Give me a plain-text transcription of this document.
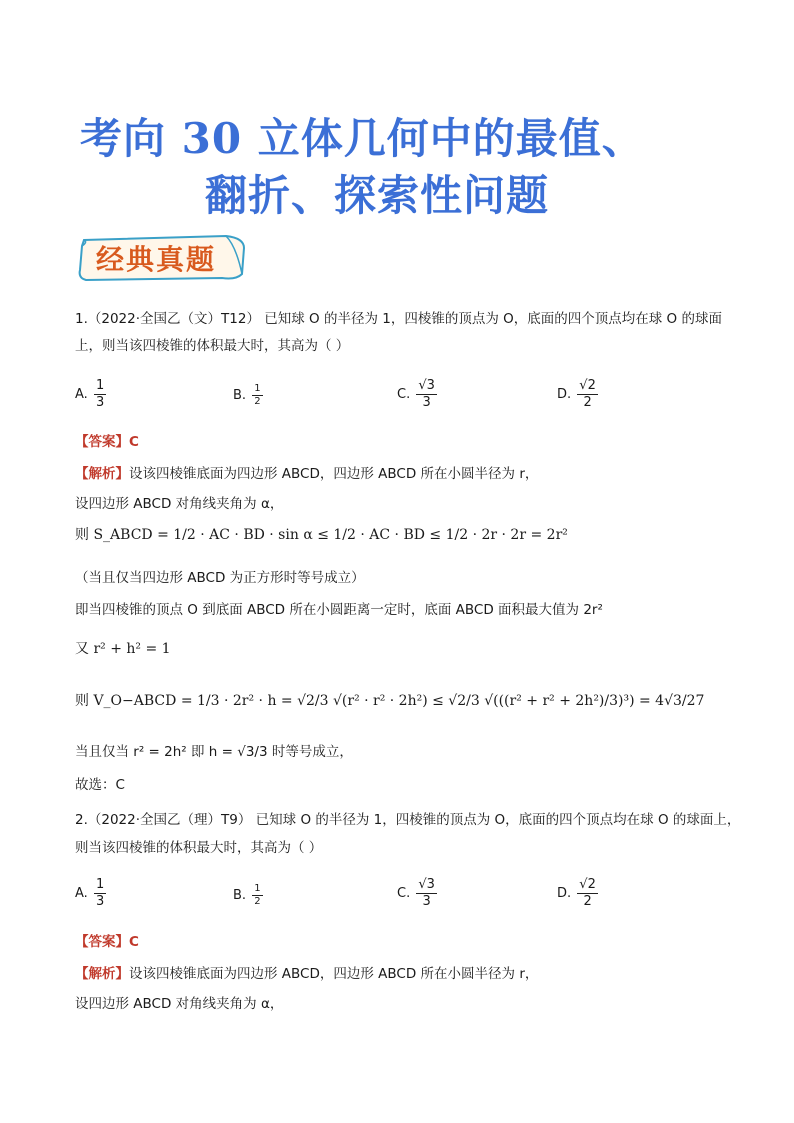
考向 30 立体几何中的最值、
翻折、探索性问题
经典真题
1.（2022·全国乙（文）T12） 已知球 O 的半径为 1，四棱锥的顶点为 O，底面的四个顶点均在球 O 的球面
上，则当该四棱锥的体积最大时，其高为（ ）
A. $\frac{1}{3}$	B. $\frac{1}{2}$	C. $\frac{√3}{3}$	D. $\frac{√2}{2}$
【答案】C
【解析】设该四棱锥底面为四边形 ABCD，四边形 ABCD 所在小圆半径为 r，
设四边形 ABCD 对角线夹角为 α，
则 S_ABCD = 1/2 · AC · BD · sin α ≤ 1/2 · AC · BD ≤ 1/2 · 2r · 2r = 2r²
（当且仅当四边形 ABCD 为正方形时等号成立）
即当四棱锥的顶点 O 到底面 ABCD 所在小圆距离一定时，底面 ABCD 面积最大值为 2r²
又 r² + h² = 1
则 V_O−ABCD = 1/3 · 2r² · h = √2/3 √(r² · r² · 2h²) ≤ √2/3 √(((r² + r² + 2h²)/3)³) = 4√3/27
当且仅当 r² = 2h² 即 h = √3/3 时等号成立，
故选：C
2.（2022·全国乙（理）T9） 已知球 O 的半径为 1，四棱锥的顶点为 O，底面的四个顶点均在球 O 的球面上，
则当该四棱锥的体积最大时，其高为（ ）
A. $\frac{1}{3}$	B. $\frac{1}{2}$	C. $\frac{√3}{3}$	D. $\frac{√2}{2}$
【答案】C
【解析】设该四棱锥底面为四边形 ABCD，四边形 ABCD 所在小圆半径为 r，
设四边形 ABCD 对角线夹角为 α，
